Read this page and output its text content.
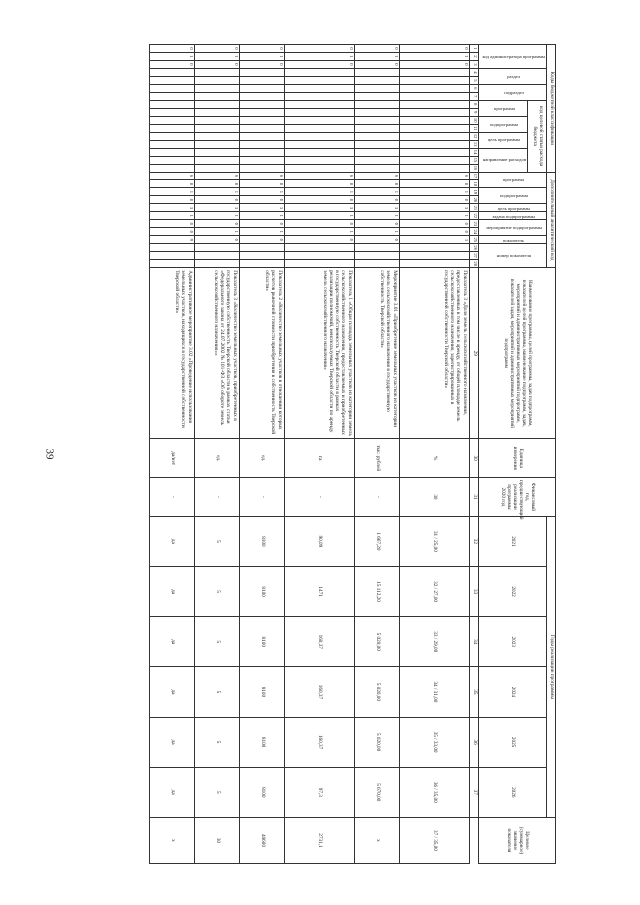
39
Коды бюджетной классификации																Дополнительный аналитический код												Наименование программы, целей программы, задач подпрограмм, показателей целей программы, наименование подпрограмм, задач, мероприятий и административных мероприятий подпрограмм, показателей задач, мероприятий и административных мероприятий подпрограмм	Единица измерения	Финансовый год, предшествующий реализации программы 2020 год	Годы реализации программы						Целевое (суммарное) значение показателя
код администратора программы			раздел		подраздел		код целевой статьи расхода бюджета									программа		подпрограмма		цель программы	задача подпрограммы	мероприятие подпрограммы		показатель	номер показателя						2021	2022	2023	2024	2025	2026	
							программа		подпрограмма		цель программы		направление расходов																								
1	2	3	4	5	6	7	8	9	10	11	12	13	14	15	16	17	18	19	20	21	22	23	24	25	26	27	28	29	30	31	32	33	34	35	36	37	
0	1	0														6	8	1	0	3	1	0	0	3				Показатель 3 «Доля земель сельскохозяйственного назначения, предоставленных в том числе в аренду, от общей площади земель сельскохозяйственного назначения, зарегистрированных в государственной собственности Тверской области»	%	30	31 / 25,00	32 / 27,00	33 / 29,00	34 / 31,00	35 / 33,00	36 / 35,00	37 / 35,00
0	1	0														6	8	1	0	3	1	0	1	0				Мероприятие 3.01 «Приобретение земельных участков из категории земель сельскохозяйственного назначения в государственную собственность Тверской области»	тыс. рублей	-	1 667,20	15 112,20	5 020,00	5 020,00	5 020,00	5 670,00	х
0	1	0														6	8	1	0	3	1	0	1	0				Показатель 1 «Общая площадь земельных участков из категории земель сельскохозяйственного назначения, предоставляемых и приобретенных в государственную собственность Тверской области в рамках реализации полномочий, неиспользуемых Тверской области по аренду земель сельскохозяйственного назначения»	га	-	90,09	1471	160,37	160,37	160,37	97,3	2731,1
0	1	0														6	8	1	0	3	1	0	1	0				Показатель 2 «Количество земельных участков в отношении которых расчетов рыночной стоимости приобретения в собственность Тверской области»	ед.	-	8100	8100	8100	8100	8100	8100	48600
0	1	0														6	8	1	0	3	1	0	1	0				Показатель 3 «Количество земельных участков, приобретенных в государственную собственность Тверской области в рамках статьи «Федерального закона от 24.07.2002 № 101-ФЗ «Об обороте земель сельскохозяйственного назначения»»	ед.	-	5	5	5	5	5	5	30
0	1	0														6	8	1	0	3	1	0	0	9				Административное мероприятие 3.02 «Проведение использования земельных участков, находящихся в государственной собственности Тверской области»	да/нет	-	да	да	да	да	да	да	х
